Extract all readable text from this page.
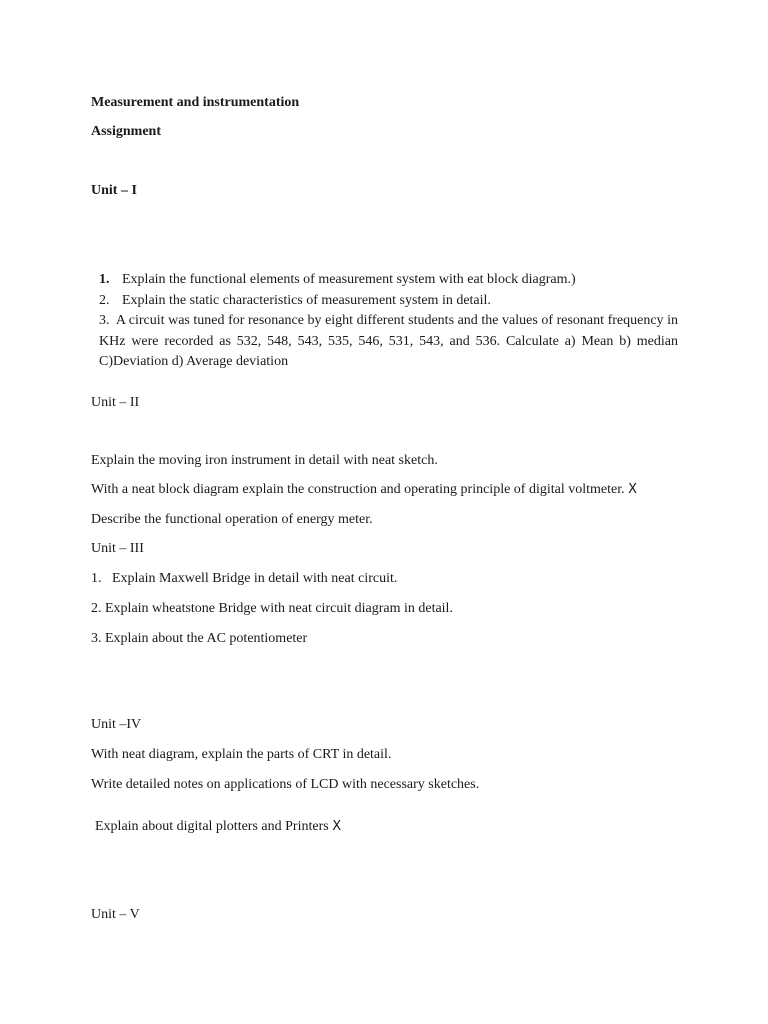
Measurement and instrumentation
Assignment
Unit – I
1. Explain the functional elements of measurement system with eat block diagram.)
2. Explain the static characteristics of measurement system in detail.
3. A circuit was tuned for resonance by eight different students and the values of resonant frequency in KHz were recorded as 532, 548, 543, 535, 546, 531, 543, and 536. Calculate a) Mean b) median C)Deviation d) Average deviation
Unit – II
Explain the moving iron instrument in detail with neat sketch.
With a neat block diagram explain the construction and operating principle of digital voltmeter. X
Describe the functional operation of energy meter.
Unit – III
1. Explain Maxwell Bridge in detail with neat circuit.
2. Explain wheatstone Bridge with neat circuit diagram in detail.
3. Explain about the AC potentiometer
Unit –IV
With neat diagram, explain the parts of CRT in detail.
Write detailed notes on applications of LCD with necessary sketches.
Explain about digital plotters and Printers X
Unit – V
